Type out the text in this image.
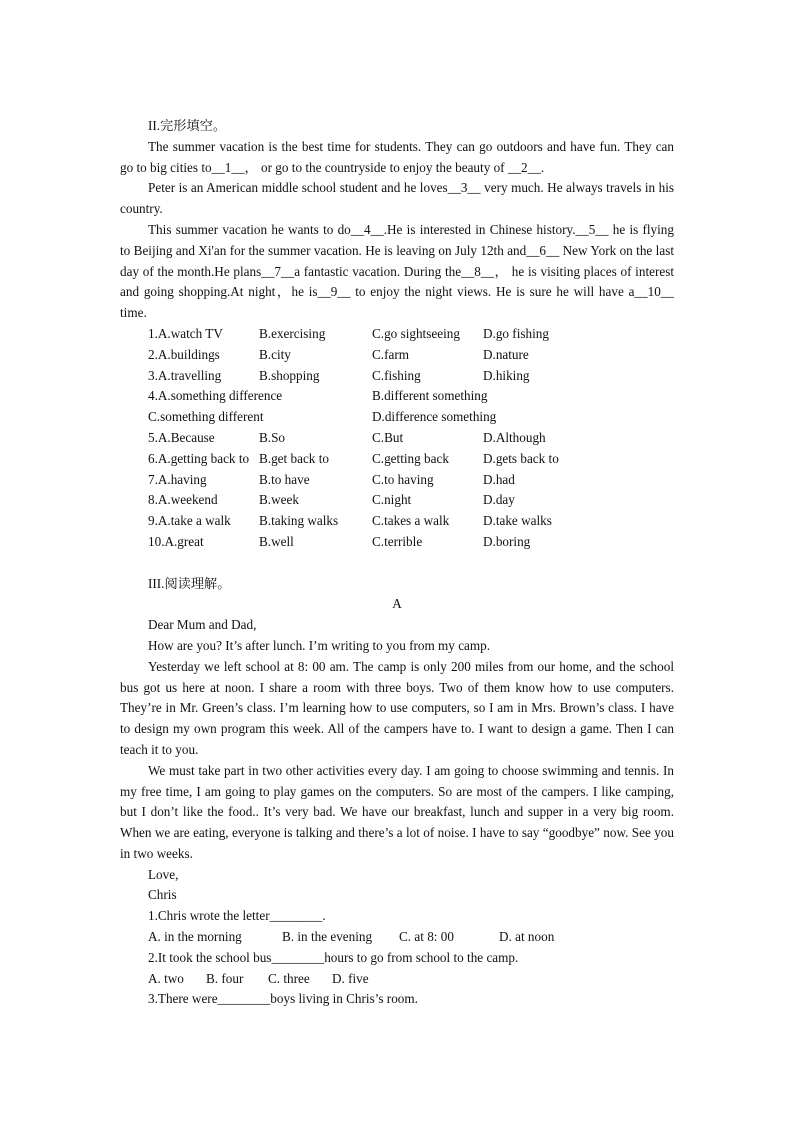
II.完形填空。

The summer vacation is the best time for students. They can go outdoors and have fun. They can go to big cities to__1__， or go to the countryside to enjoy the beauty of __2__.

Peter is an American middle school student and he loves__3__ very much. He always travels in his country.

This summer vacation he wants to do__4__.He is interested in Chinese history.__5__ he is flying to Beijing and Xi'an for the summer vacation. He is leaving on July 12th and__6__ New York on the last day of the month.He plans__7__a fantastic vacation. During the__8__， he is visiting places of interest and going shopping.At night，he is__9__ to enjoy the night views. He is sure he will have a__10__ time.

1.A.watch TV	B.exercising	C.go sightseeing D.go fishing
2.A.buildings	B.city	C.farm	D.nature
3.A.travelling	B.shopping	C.fishing	D.hiking
4.A.something difference	B.different something
C.something different	D.difference something
5.A.Because	B.So	C.But	D.Although
6.A.getting back to B.get back to	C.getting back	D.gets back to
7.A.having	B.to have	C.to having	D.had
8.A.weekend	B.week	C.night	D.day
9.A.take a walk B.taking walks	C.takes a walk	D.take walks
10.A.great	B.well	C.terrible	D.boring

III.阅读理解。

A

Dear Mum and Dad,

How are you? It’s after lunch. I’m writing to you from my camp.

Yesterday we left school at 8: 00 am. The camp is only 200 miles from our home, and the school bus got us here at noon. I share a room with three boys. Two of them know how to use computers. They’re in Mr. Green’s class. I’m learning how to use computers, so I am in Mrs. Brown’s class. I have to design my own program this week. All of the campers have to. I want to design a game. Then I can teach it to you.

We must take part in two other activities every day. I am going to choose swimming and tennis. In my free time, I am going to play games on the computers. So are most of the campers. I like camping, but I don’t like the food.. It’s very bad. We have our breakfast, lunch and supper in a very big room. When we are eating, everyone is talking and there’s a lot of noise. I have to say “goodbye” now. See you in two weeks.

Love,

Chris

1.Chris wrote the letter________.

A. in the morning	B. in the evening C. at 8: 00	D. at noon

2.It took the school bus________hours to go from school to the camp.

A. two B. four C. three D. five

3.There were________boys living in Chris’s room.
